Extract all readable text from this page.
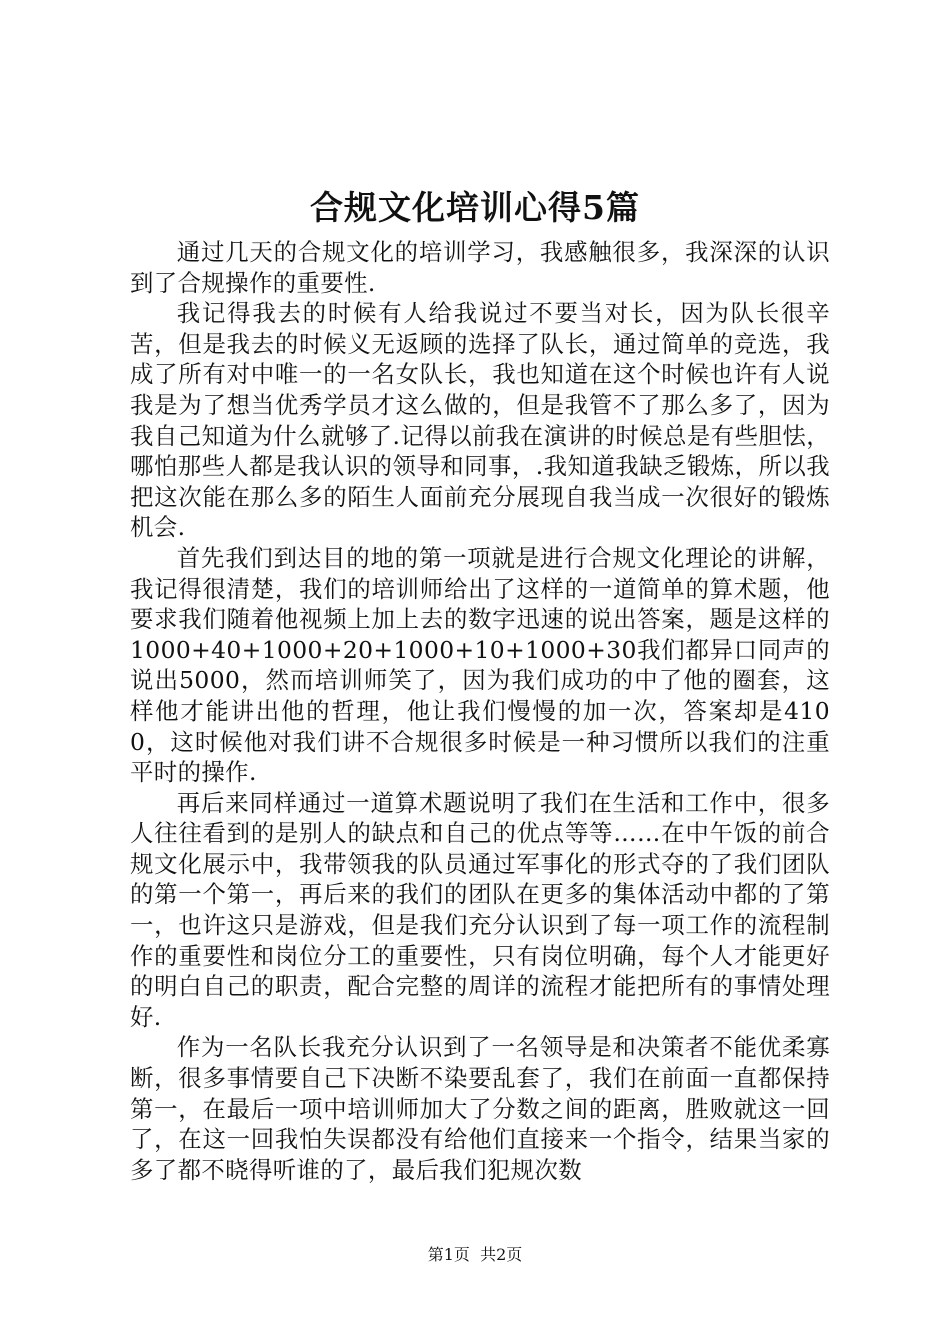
合规文化培训心得5篇

通过几天的合规文化的培训学习，我感触很多，我深深的认识到了合规操作的重要性.

我记得我去的时候有人给我说过不要当对长，因为队长很辛苦，但是我去的时候义无返顾的选择了队长，通过简单的竞选，我成了所有对中唯一的一名女队长，我也知道在这个时候也许有人说我是为了想当优秀学员才这么做的，但是我管不了那么多了，因为我自己知道为什么就够了.记得以前我在演讲的时候总是有些胆怯，哪怕那些人都是我认识的领导和同事，.我知道我缺乏锻炼，所以我把这次能在那么多的陌生人面前充分展现自我当成一次很好的锻炼机会.

首先我们到达目的地的第一项就是进行合规文化理论的讲解，我记得很清楚，我们的培训师给出了这样的一道简单的算术题，他要求我们随着他视频上加上去的数字迅速的说出答案，题是这样的1000+40+1000+20+1000+10+1000+30我们都异口同声的说出5000，然而培训师笑了，因为我们成功的中了他的圈套，这样他才能讲出他的哲理，他让我们慢慢的加一次，答案却是4100，这时候他对我们讲不合规很多时候是一种习惯所以我们的注重平时的操作.

再后来同样通过一道算术题说明了我们在生活和工作中，很多人往往看到的是别人的缺点和自己的优点等等……在中午饭的前合规文化展示中，我带领我的队员通过军事化的形式夺的了我们团队的第一个第一，再后来的我们的团队在更多的集体活动中都的了第一，也许这只是游戏，但是我们充分认识到了每一项工作的流程制作的重要性和岗位分工的重要性，只有岗位明确，每个人才能更好的明白自己的职责，配合完整的周详的流程才能把所有的事情处理好.

作为一名队长我充分认识到了一名领导是和决策者不能优柔寡断，很多事情要自己下决断不染要乱套了，我们在前面一直都保持第一，在最后一项中培训师加大了分数之间的距离，胜败就这一回了，在这一回我怕失误都没有给他们直接来一个指令，结果当家的多了都不晓得听谁的了，最后我们犯规次数

第1页 共2页
